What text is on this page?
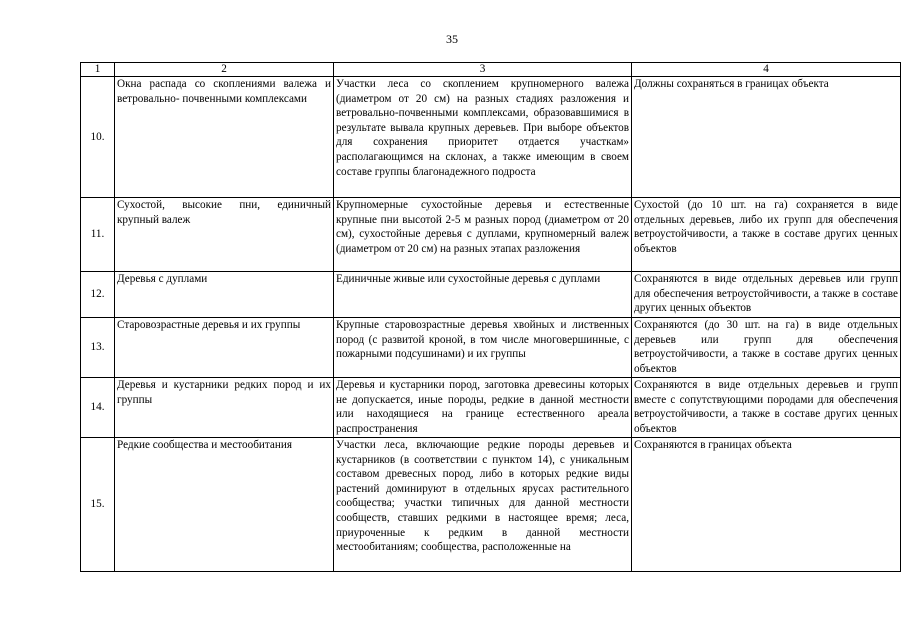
35
1	2	3	4
10.	Окна распада со скоплениями валежа и ветровально- почвенными комплексами	Участки леса со скоплением крупномерного валежа (диаметром от 20 см) на разных стадиях разложения и ветровально-почвенными комплексами, образовавшимися в результате вывала крупных деревьев. При выборе объектов для сохранения приоритет отдается участкам» располагающимся на склонах, а также имеющим в своем составе группы благонадежного подроста	Должны сохраняться в границах объекта
11.	Сухостой, высокие пни, единичный крупный валеж	Крупномерные сухостойные деревья и естественные крупные пни высотой 2-5 м разных пород (диаметром от 20 см), сухостойные деревья с дуплами, крупномерный валеж (диаметром от 20 см) на разных этапах разложения	Сухостой (до 10 шт. на га) сохраняется в виде отдельных деревьев, либо их групп для обеспечения ветроустойчивости, а также в составе других ценных объектов
12.	Деревья с дуплами	Единичные живые или сухостойные деревья с дуплами	Сохраняются в виде отдельных деревьев или групп для обеспечения ветроустойчивости, а также в составе других ценных объектов
13.	Старовозрастные деревья и их группы	Крупные старовозрастные деревья хвойных и лиственных пород (с развитой кроной, в том числе многовершинные, с пожарными подсушинами) и их группы	Сохраняются (до 30 шт. на га) в виде отдельных деревьев или групп для обеспечения ветроустойчивости, а также в составе других ценных объектов
14.	Деревья и кустарники редких пород и их группы	Деревья и кустарники пород, заготовка древесины которых не допускается, иные породы, редкие в данной местности или находящиеся на границе естественного ареала распространения	Сохраняются в виде отдельных деревьев и групп вместе с сопутствующими породами для обеспечения ветроустойчивости, а также в составе других ценных объектов
15.	Редкие сообщества и местообитания	Участки леса, включающие редкие породы деревьев и кустарников (в соответствии с пунктом 14), с уникальным составом древесных пород, либо в которых редкие виды растений доминируют в отдельных ярусах растительного сообщества; участки типичных для данной местности сообществ, ставших редкими в настоящее время; леса, приуроченные к редким в данной местности местообитаниям; сообщества, расположенные на	Сохраняются в границах объекта
